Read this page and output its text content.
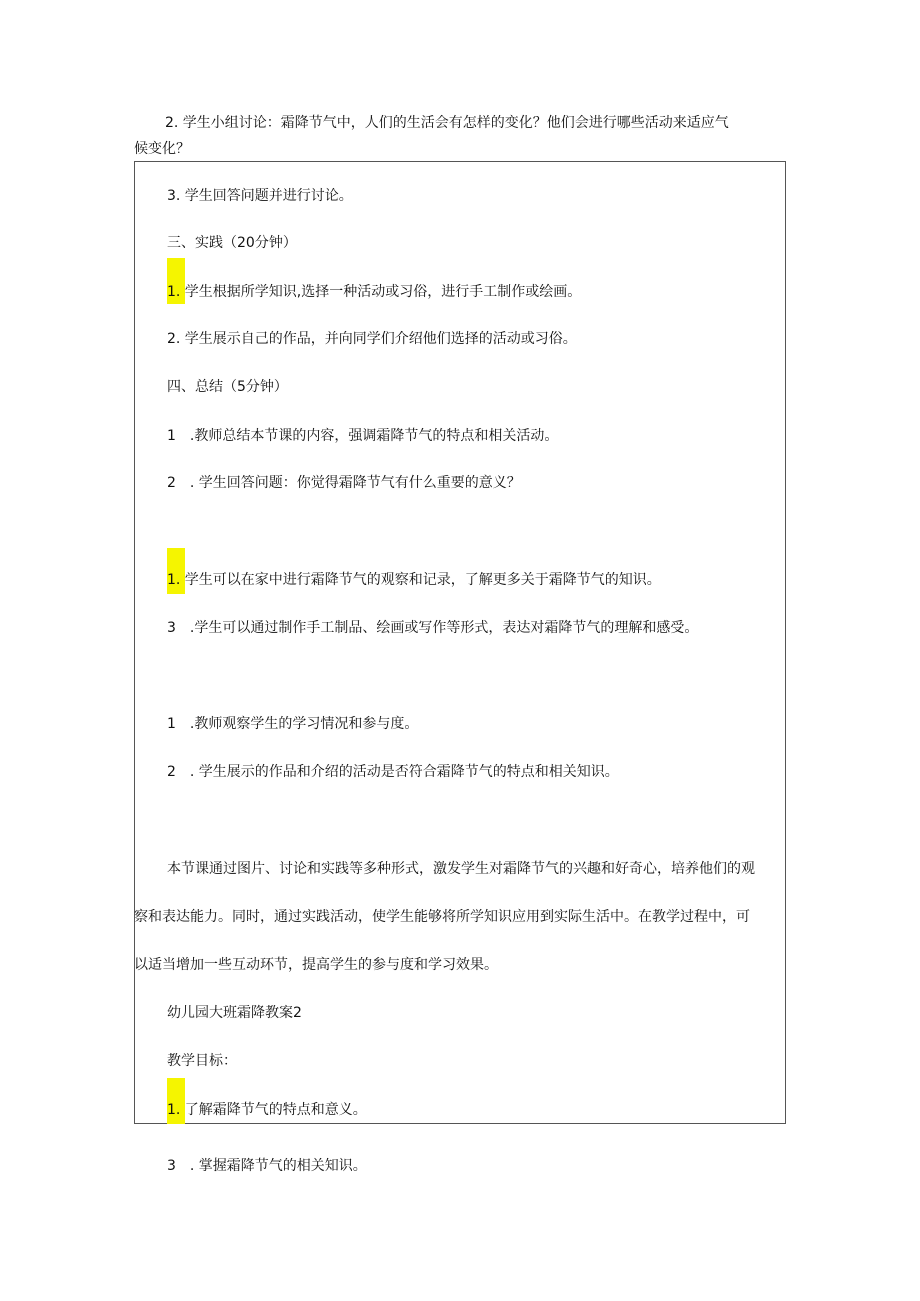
2. 学生小组讨论：霜降节气中，人们的生活会有怎样的变化？他们会进行哪些活动来适应气
候变化？
3. 学生回答问题并进行讨论。
三、实践（20分钟）
1. 学生根据所学知识,选择一种活动或习俗，进行手工制作或绘画。
2. 学生展示自己的作品，并向同学们介绍他们选择的活动或习俗。
四、总结（5分钟）
1　.教师总结本节课的内容，强调霜降节气的特点和相关活动。
2　. 学生回答问题：你觉得霜降节气有什么重要的意义？
1. 学生可以在家中进行霜降节气的观察和记录，了解更多关于霜降节气的知识。
3　.学生可以通过制作手工制品、绘画或写作等形式，表达对霜降节气的理解和感受。
1　.教师观察学生的学习情况和参与度。
2　. 学生展示的作品和介绍的活动是否符合霜降节气的特点和相关知识。
本节课通过图片、讨论和实践等多种形式，激发学生对霜降节气的兴趣和好奇心，培养他们的观
察和表达能力。同时，通过实践活动，使学生能够将所学知识应用到实际生活中。在教学过程中，可
以适当增加一些互动环节，提高学生的参与度和学习效果。
幼儿园大班霜降教案2
教学目标：
1. 了解霜降节气的特点和意义。
3　. 掌握霜降节气的相关知识。
